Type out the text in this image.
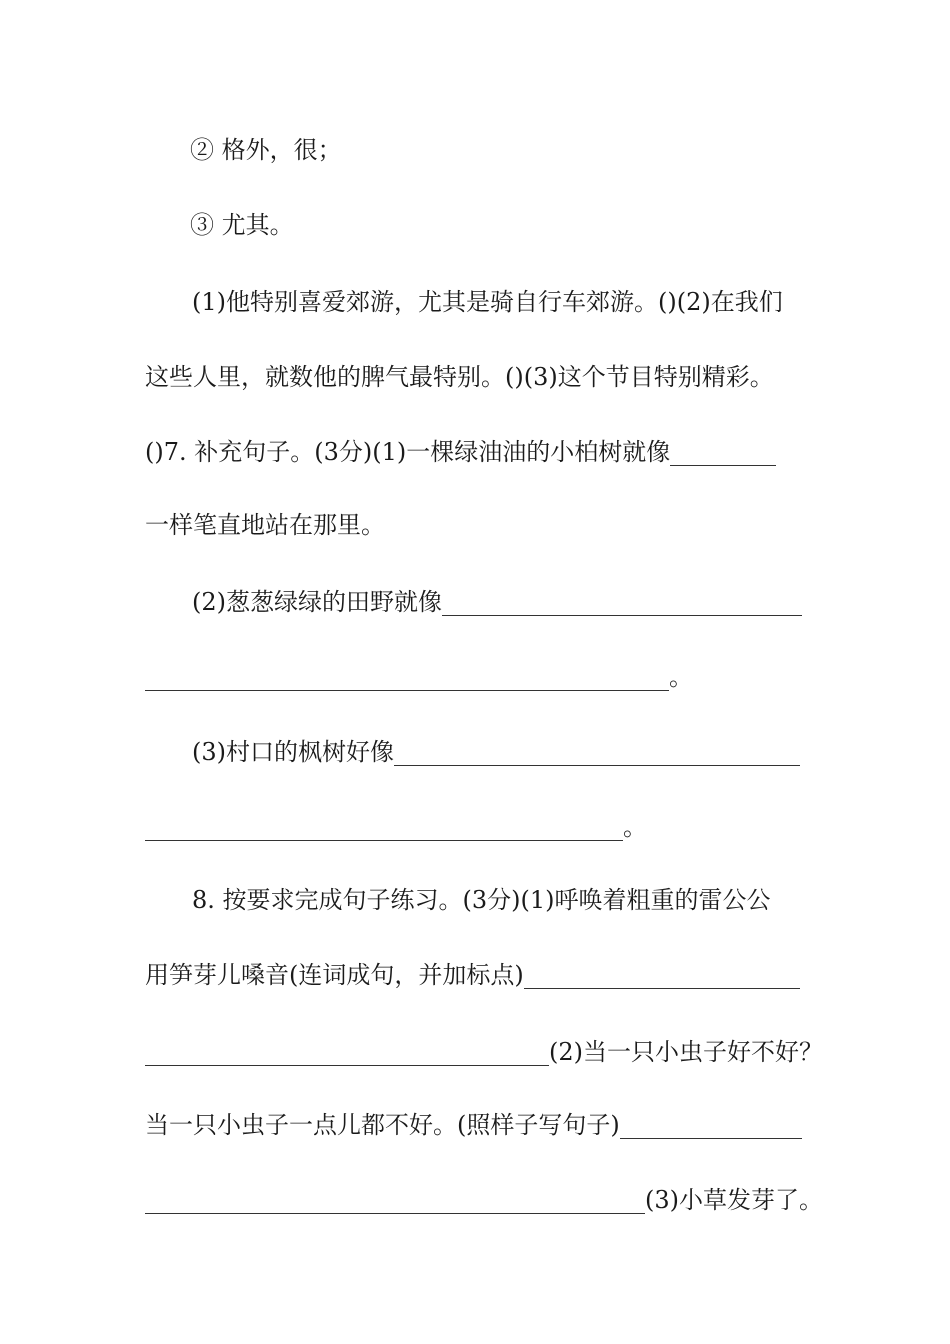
② 格外，很；
③ 尤其。
(1)他特别喜爱郊游，尤其是骑自行车郊游。()(2)在我们
这些人里，就数他的脾气最特别。()(3)这个节目特别精彩。
()7. 补充句子。(3分)(1)一棵绿油油的小柏树就像
一样笔直地站在那里。
(2)葱葱绿绿的田野就像
。
(3)村口的枫树好像
。
8. 按要求完成句子练习。(3分)(1)呼唤着粗重的雷公公
用笋芽儿嗓音(连词成句，并加标点)
(2)当一只小虫子好不好？
当一只小虫子一点儿都不好。(照样子写句子)
(3)小草发芽了。
